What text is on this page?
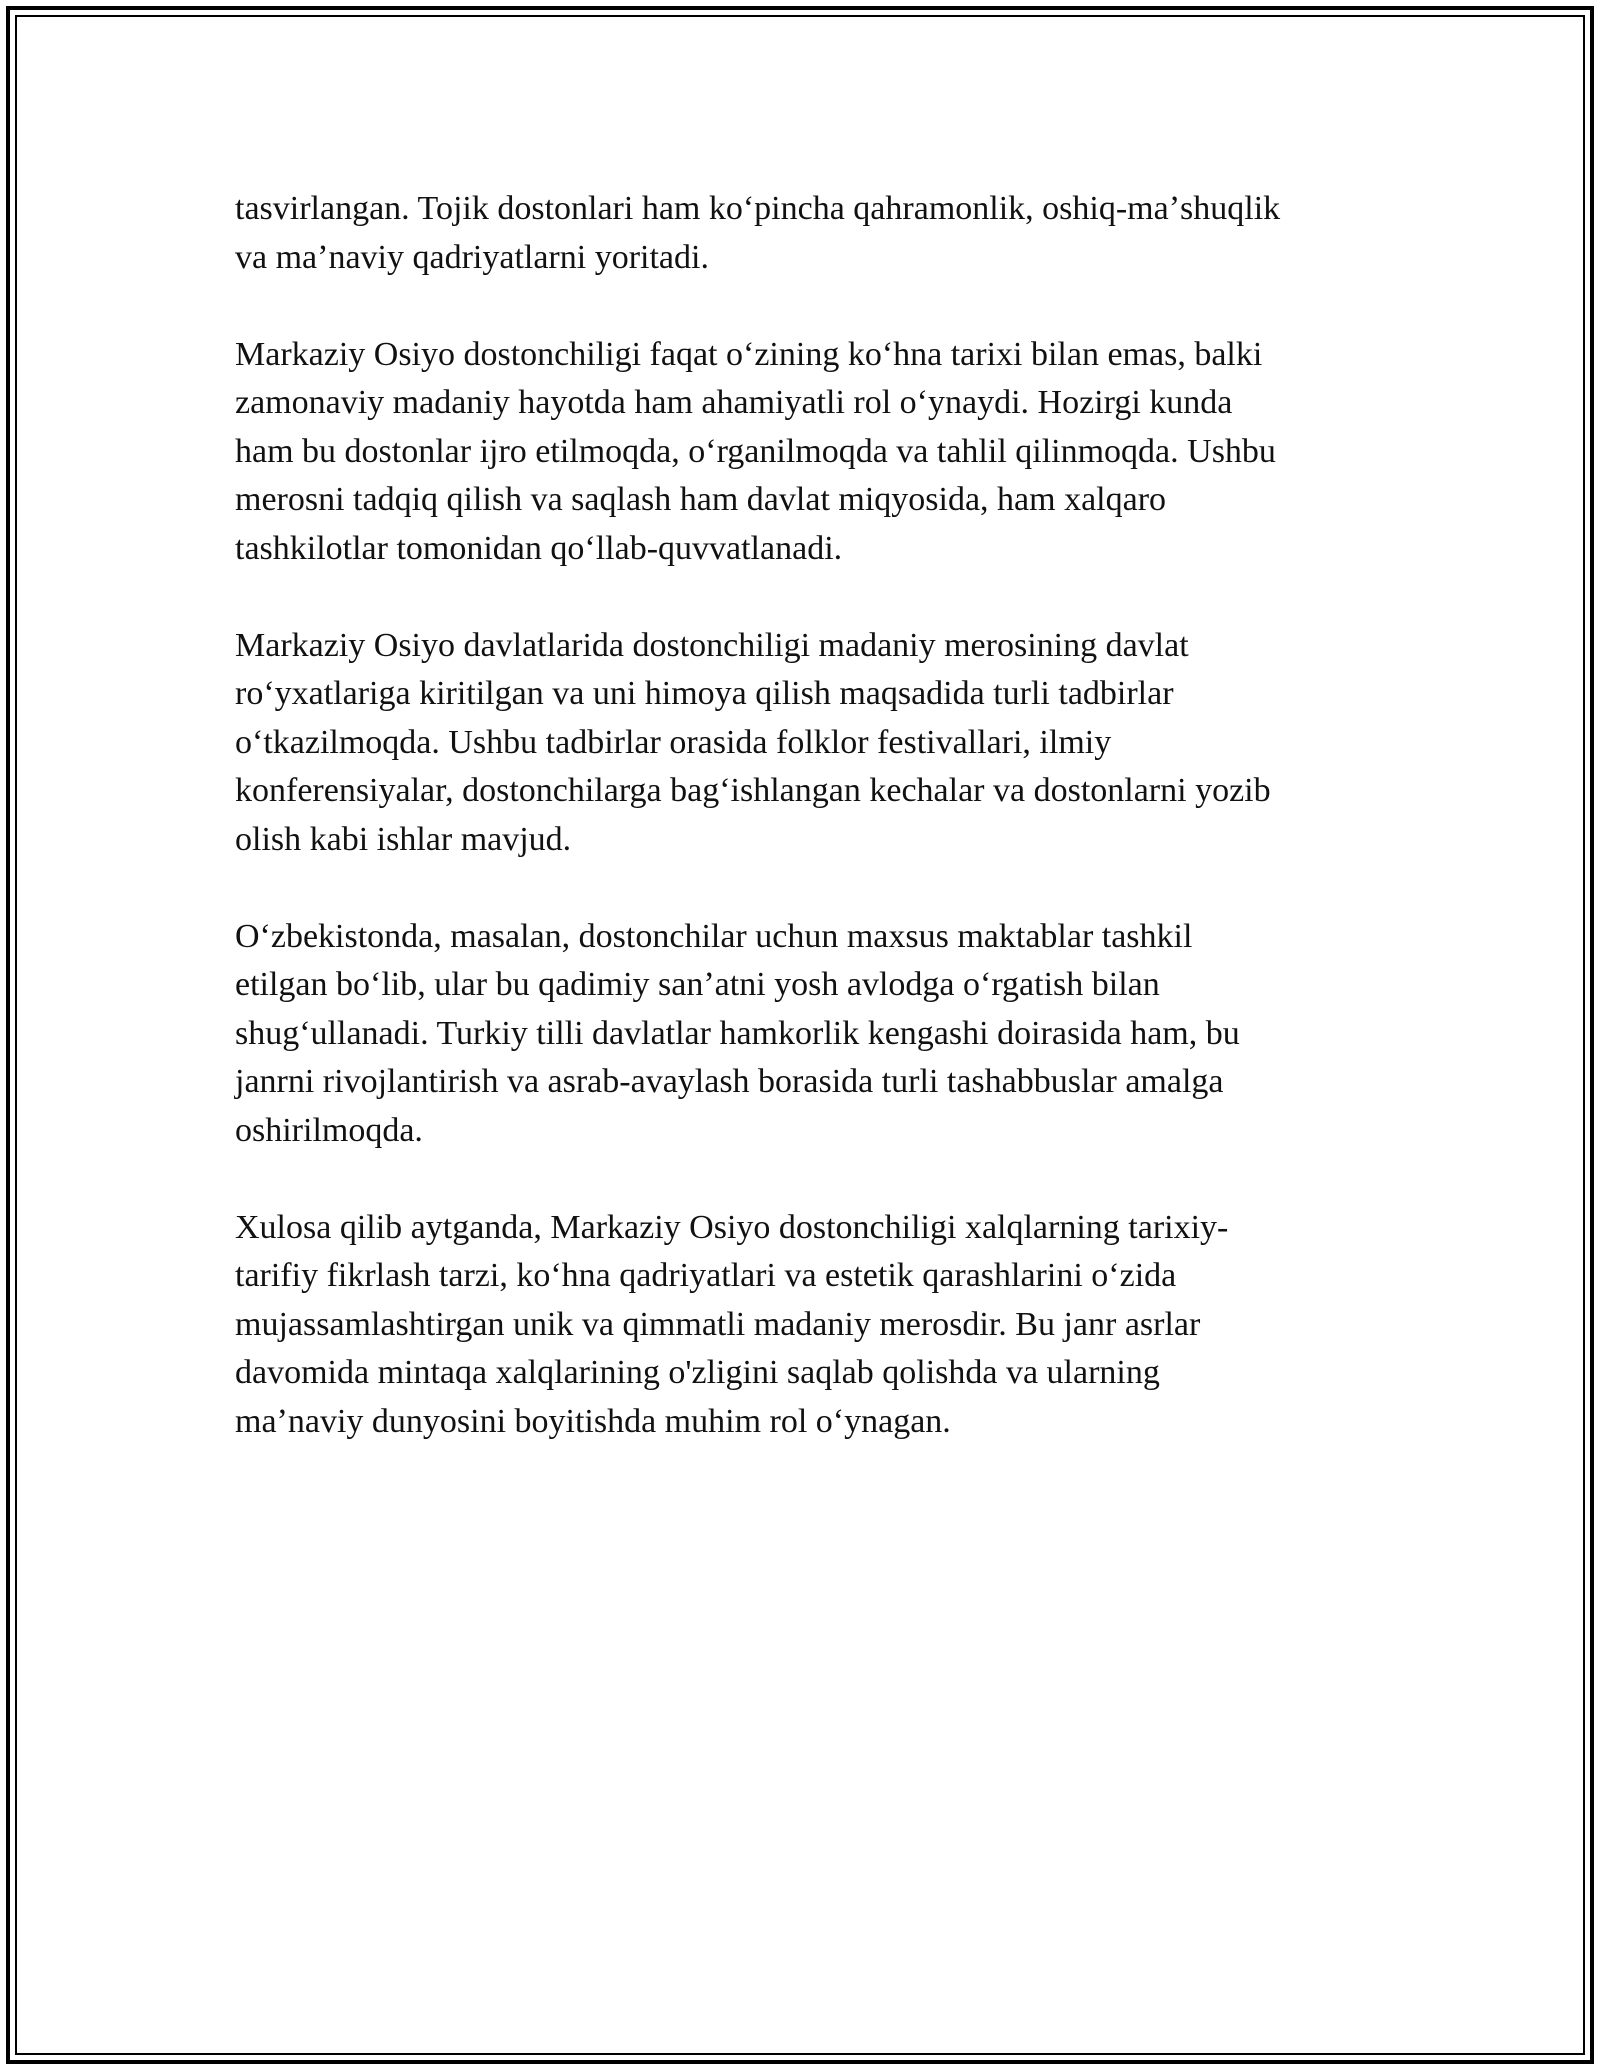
tasvirlangan. Tojik dostonlari ham koʻpincha qahramonlik, oshiq-maʼshuqlik
va maʼnaviy qadriyatlarni yoritadi.

Markaziy Osiyo dostonchiligi faqat oʻzining koʻhna tarixi bilan emas, balki
zamonaviy madaniy hayotda ham ahamiyatli rol oʻynaydi. Hozirgi kunda
ham bu dostonlar ijro etilmoqda, oʻrganilmoqda va tahlil qilinmoqda. Ushbu
merosni tadqiq qilish va saqlash ham davlat miqyosida, ham xalqaro
tashkilotlar tomonidan qoʻllab-quvvatlanadi.

Markaziy Osiyo davlatlarida dostonchiligi madaniy merosining davlat
roʻyxatlariga kiritilgan va uni himoya qilish maqsadida turli tadbirlar
oʻtkazilmoqda. Ushbu tadbirlar orasida folklor festivallari, ilmiy
konferensiyalar, dostonchilarga bagʻishlangan kechalar va dostonlarni yozib
olish kabi ishlar mavjud.

Oʻzbekistonda, masalan, dostonchilar uchun maxsus maktablar tashkil
etilgan boʻlib, ular bu qadimiy sanʼatni yosh avlodga oʻrgatish bilan
shugʻullanadi. Turkiy tilli davlatlar hamkorlik kengashi doirasida ham, bu
janrni rivojlantirish va asrab-avaylash borasida turli tashabbuslar amalga
oshirilmoqda.

Xulosa qilib aytganda, Markaziy Osiyo dostonchiligi xalqlarning tarixiy-
tarifiy fikrlash tarzi, koʻhna qadriyatlari va estetik qarashlarini oʻzida
mujassamlashtirgan unik va qimmatli madaniy merosdir. Bu janr asrlar
davomida mintaqa xalqlarining o'zligini saqlab qolishda va ularning
maʼnaviy dunyosini boyitishda muhim rol oʻynagan.
